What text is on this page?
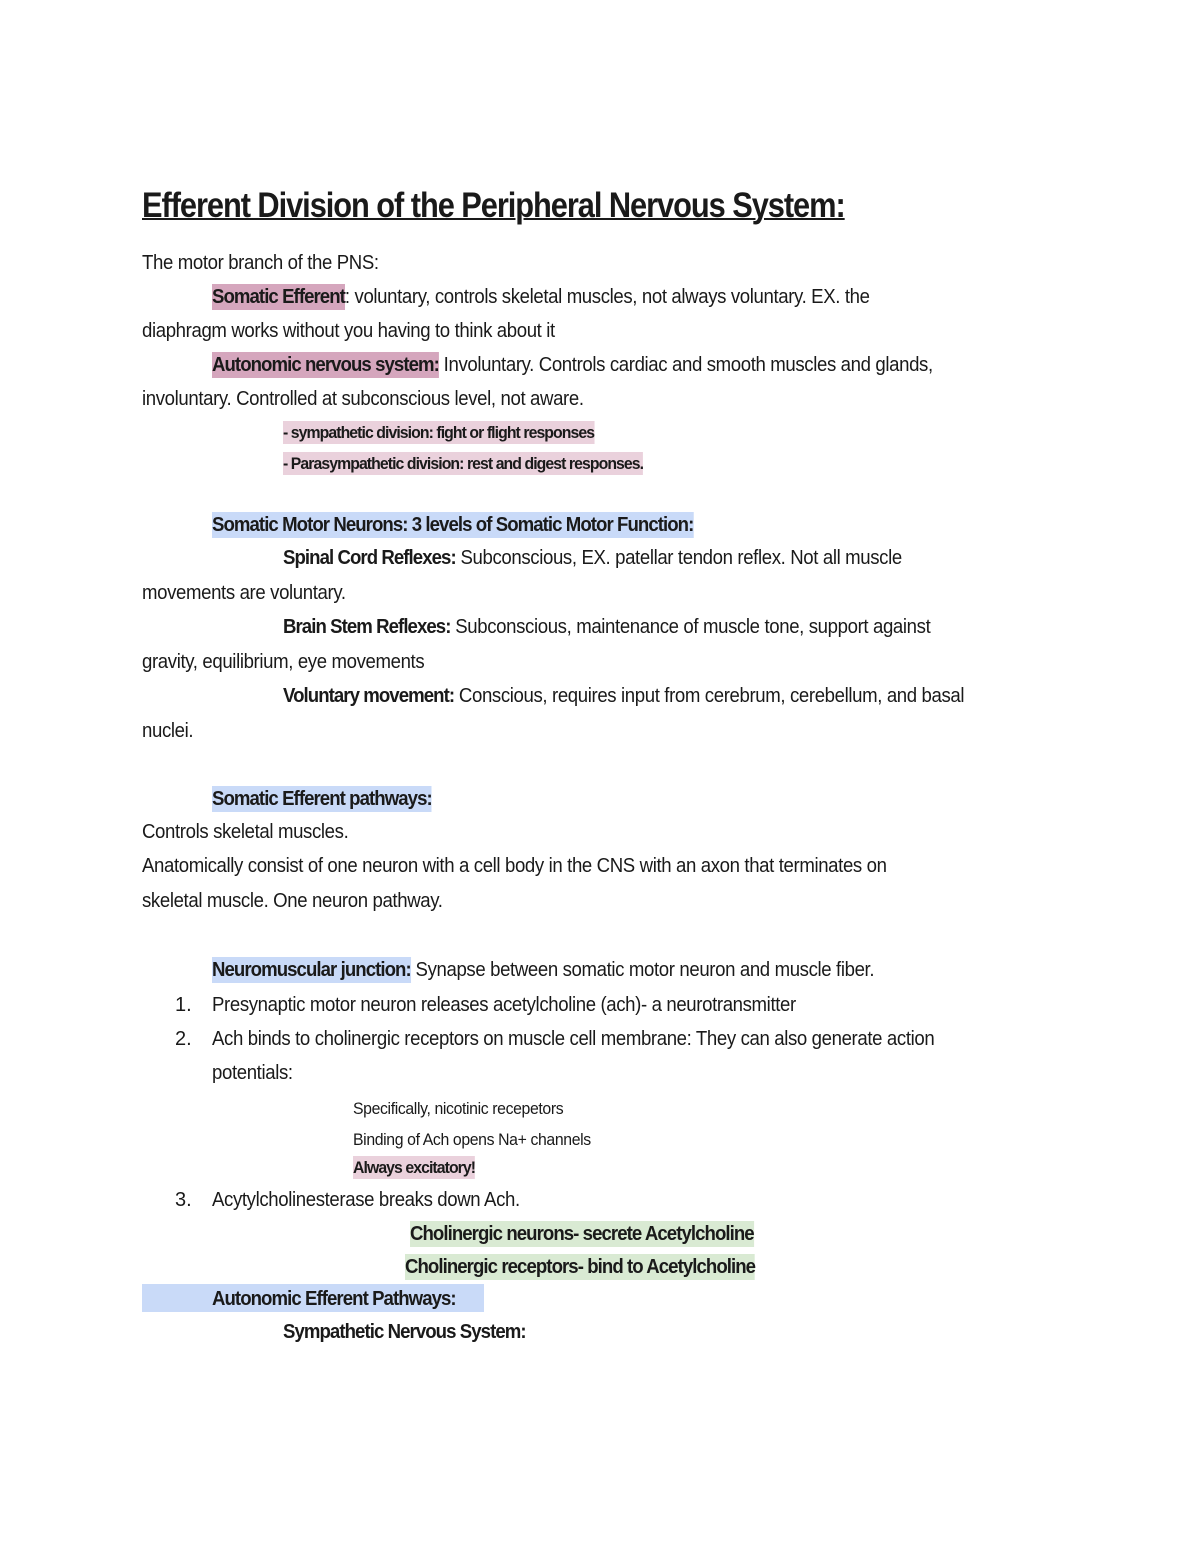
Efferent Division of the Peripheral Nervous System:
The motor branch of the PNS:
Somatic Efferent: voluntary, controls skeletal muscles, not always voluntary. EX. the
diaphragm works without you having to think about it
Autonomic nervous system: Involuntary. Controls cardiac and smooth muscles and glands,
involuntary. Controlled at subconscious level, not aware.
- sympathetic division: fight or flight responses
- Parasympathetic division: rest and digest responses.
Somatic Motor Neurons: 3 levels of Somatic Motor Function:
Spinal Cord Reflexes: Subconscious, EX. patellar tendon reflex. Not all muscle
movements are voluntary.
Brain Stem Reflexes: Subconscious, maintenance of muscle tone, support against
gravity, equilibrium, eye movements
Voluntary movement: Conscious, requires input from cerebrum, cerebellum, and basal
nuclei.
Somatic Efferent pathways:
Controls skeletal muscles.
Anatomically consist of one neuron with a cell body in the CNS with an axon that terminates on
skeletal muscle. One neuron pathway.
Neuromuscular junction: Synapse between somatic motor neuron and muscle fiber.
1. Presynaptic motor neuron releases acetylcholine (ach)- a neurotransmitter
2. Ach binds to cholinergic receptors on muscle cell membrane: They can also generate action
potentials:
Specifically, nicotinic recepetors
Binding of Ach opens Na+ channels
Always excitatory!
3. Acytylcholinesterase breaks down Ach.
Cholinergic neurons- secrete Acetylcholine
Cholinergic receptors- bind to Acetylcholine
Autonomic Efferent Pathways:
Sympathetic Nervous System:
